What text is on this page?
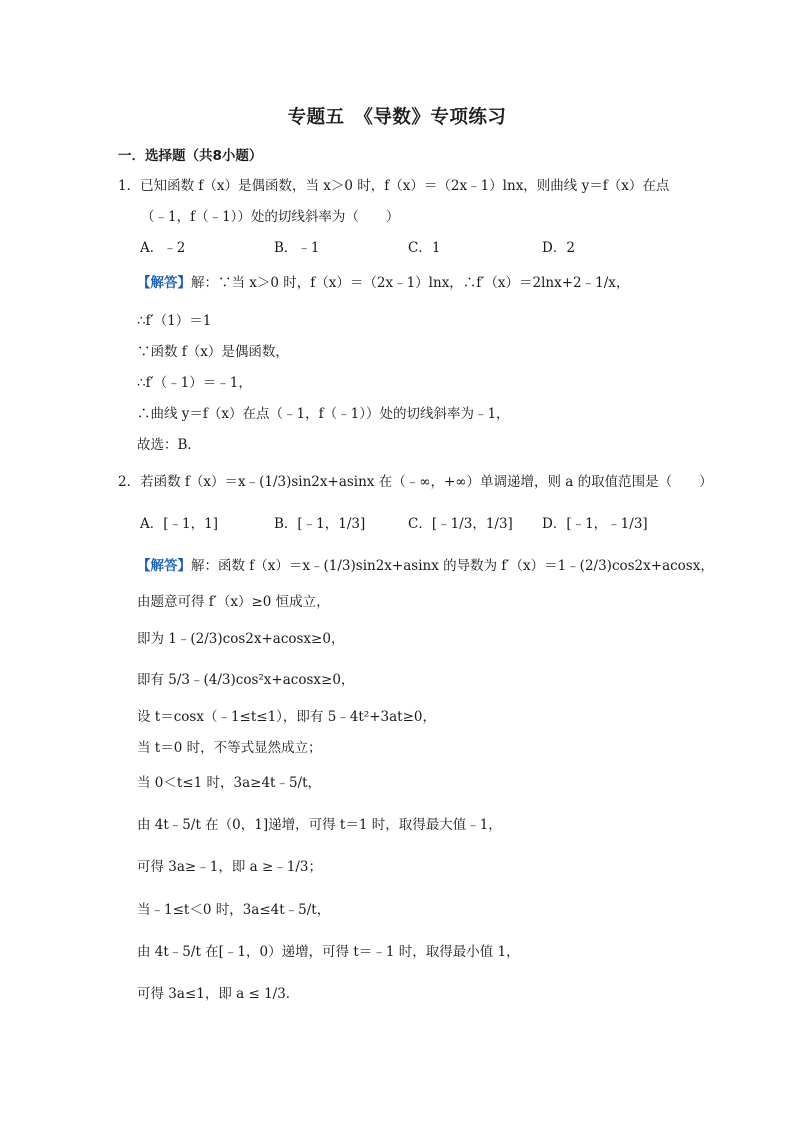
专题五　《导数》专项练习
一．选择题（共8小题）
1．已知函数 f（x）是偶函数，当 x＞0 时，f（x）＝（2x﹣1）lnx，则曲线 y＝f（x）在点
（﹣1，f（﹣1））处的切线斜率为（　　）
A．﹣2	B．﹣1	C．1	D．2
【解答】解：∵当 x＞0 时，f（x）＝（2x﹣1）lnx，∴f′（x）＝2lnx+2﹣1/x，
∴f′（1）＝1
∵函数 f（x）是偶函数，
∴f′（﹣1）＝﹣1，
∴曲线 y＝f（x）在点（﹣1，f（﹣1））处的切线斜率为﹣1，
故选：B．
2．若函数 f（x）＝x﹣(1/3)sin2x+asinx 在（﹣∞，+∞）单调递增，则 a 的取值范围是（　　）
A．[﹣1，1]	B．[﹣1，1/3]	C．[﹣1/3，1/3] D．[﹣1，﹣1/3]
【解答】解：函数 f（x）＝x﹣(1/3)sin2x+asinx 的导数为 f′（x）＝1﹣(2/3)cos2x+acosx，
由题意可得 f′（x）≥0 恒成立，
即为 1﹣(2/3)cos2x+acosx≥0，
即有 5/3﹣(4/3)cos²x+acosx≥0，
设 t＝cosx（﹣1≤t≤1），即有 5﹣4t²+3at≥0，
当 t＝0 时，不等式显然成立；
当 0＜t≤1 时，3a≥4t﹣5/t，
由 4t﹣5/t 在（0，1]递增，可得 t＝1 时，取得最大值﹣1，
可得 3a≥﹣1，即 a ≥﹣1/3；
当﹣1≤t＜0 时，3a≤4t﹣5/t，
由 4t﹣5/t 在[﹣1，0）递增，可得 t＝﹣1 时，取得最小值 1，
可得 3a≤1，即 a ≤ 1/3．
